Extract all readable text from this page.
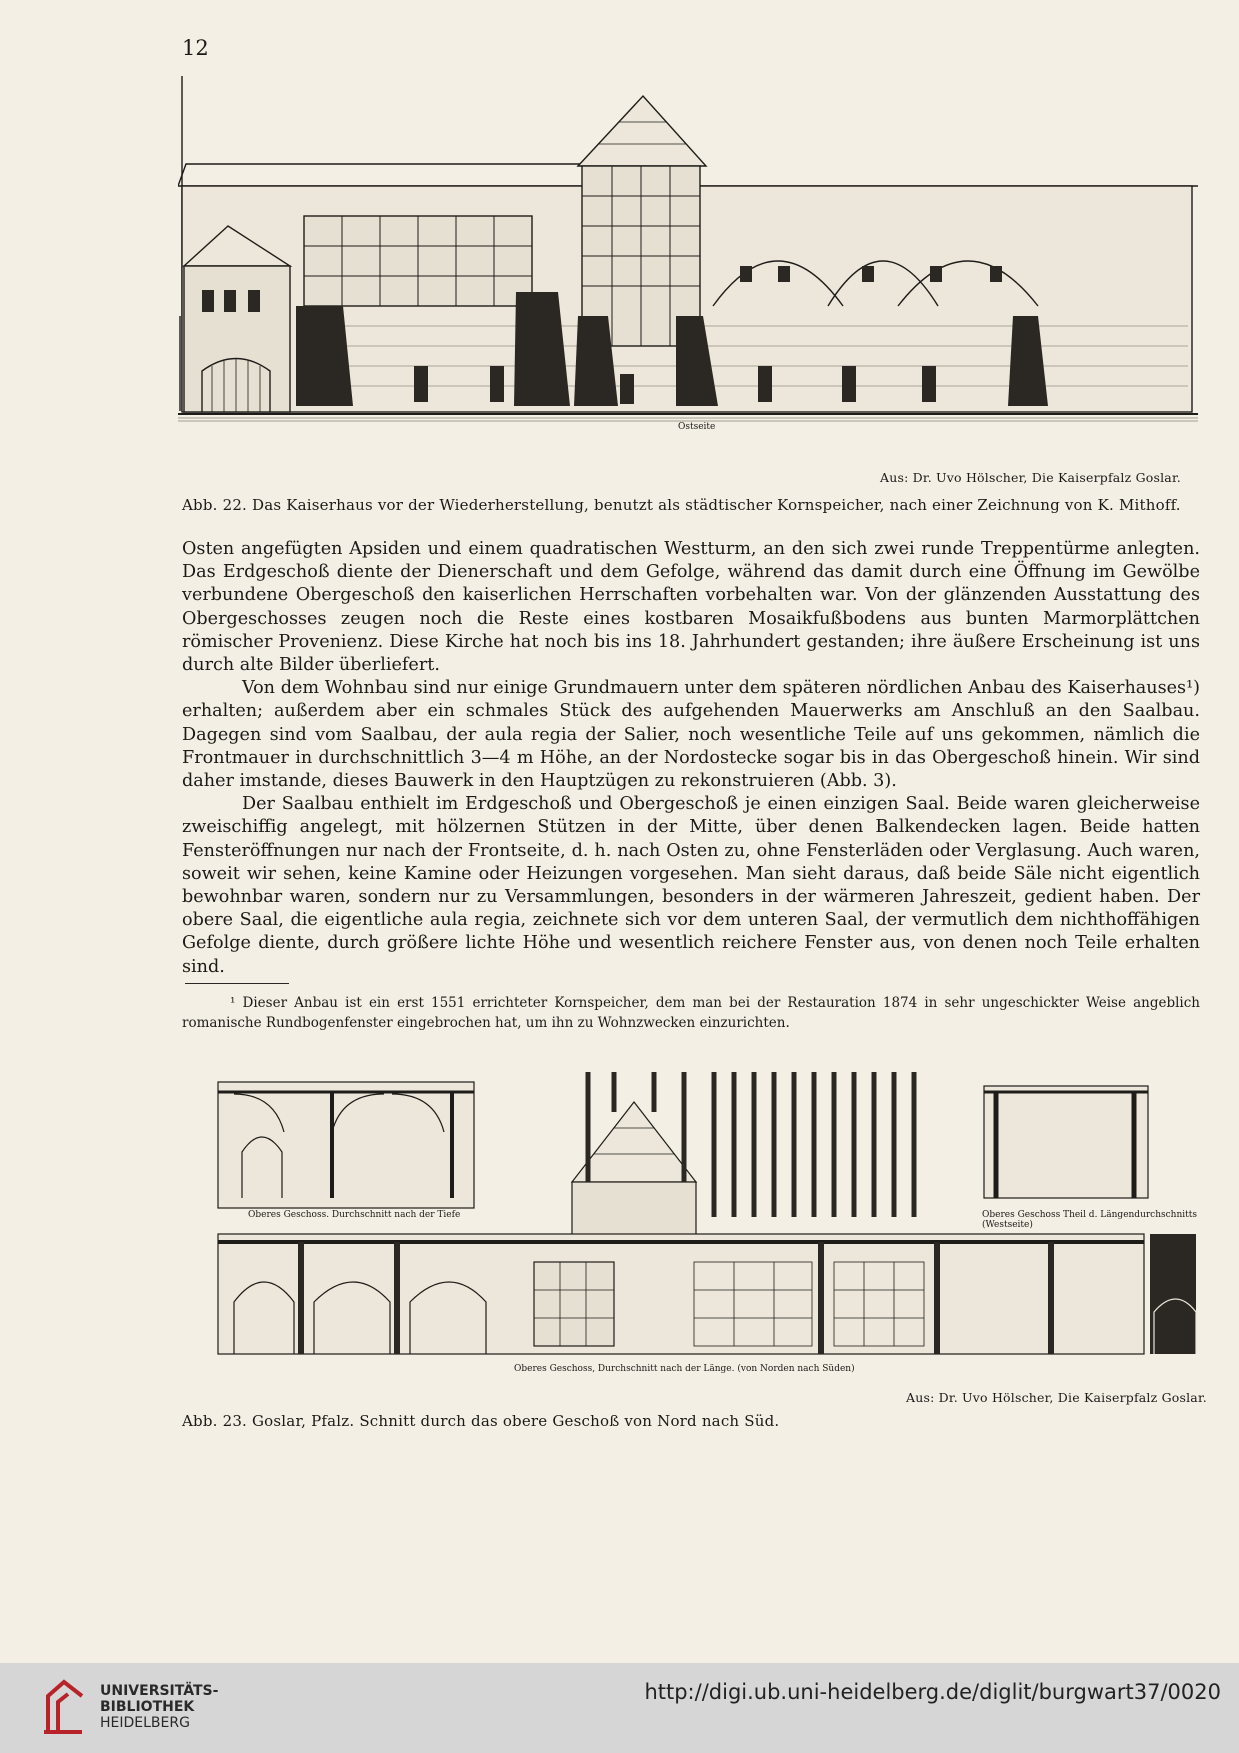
12
Ostseite
Aus: Dr. Uvo Hölscher, Die Kaiserpfalz Goslar.
Abb. 22. Das Kaiserhaus vor der Wiederherstellung, benutzt als städtischer Kornspeicher, nach einer Zeichnung von K. Mithoff.

Osten angefügten Apsiden und einem quadratischen Westturm, an den sich zwei runde Treppentürme anlegten. Das Erdgeschoß diente der Dienerschaft und dem Gefolge, während das damit durch eine Öffnung im Gewölbe verbundene Obergeschoß den kaiserlichen Herrschaften vorbehalten war. Von der glänzenden Ausstattung des Obergeschosses zeugen noch die Reste eines kostbaren Mosaikfußbodens aus bunten Marmorplättchen römischer Provenienz. Diese Kirche hat noch bis ins 18. Jahrhundert gestanden; ihre äußere Erscheinung ist uns durch alte Bilder überliefert.

Von dem Wohnbau sind nur einige Grundmauern unter dem späteren nördlichen Anbau des Kaiserhauses¹) erhalten; außerdem aber ein schmales Stück des aufgehenden Mauerwerks am Anschluß an den Saalbau. Dagegen sind vom Saalbau, der aula regia der Salier, noch wesentliche Teile auf uns gekommen, nämlich die Frontmauer in durchschnittlich 3—4 m Höhe, an der Nordostecke sogar bis in das Obergeschoß hinein. Wir sind daher imstande, dieses Bauwerk in den Hauptzügen zu rekonstruieren (Abb. 3).

Der Saalbau enthielt im Erdgeschoß und Obergeschoß je einen einzigen Saal. Beide waren gleicherweise zweischiffig angelegt, mit hölzernen Stützen in der Mitte, über denen Balkendecken lagen. Beide hatten Fensteröffnungen nur nach der Frontseite, d. h. nach Osten zu, ohne Fensterläden oder Verglasung. Auch waren, soweit wir sehen, keine Kamine oder Heizungen vorgesehen. Man sieht daraus, daß beide Säle nicht eigentlich bewohnbar waren, sondern nur zu Versammlungen, besonders in der wärmeren Jahreszeit, gedient haben. Der obere Saal, die eigentliche aula regia, zeichnete sich vor dem unteren Saal, der vermutlich dem nichthoffähigen Gefolge diente, durch größere lichte Höhe und wesentlich reichere Fenster aus, von denen noch Teile erhalten sind.

¹ Dieser Anbau ist ein erst 1551 errichteter Kornspeicher, dem man bei der Restauration 1874 in sehr ungeschickter Weise angeblich romanische Rundbogenfenster eingebrochen hat, um ihn zu Wohnzwecken einzurichten.
Oberes Geschoss. Durchschnitt nach der Tiefe	Oberes Geschoss Theil d. Längendurchschnitts (Westseite)
Oberes Geschoss, Durchschnitt nach der Länge. (von Norden nach Süden)
Aus: Dr. Uvo Hölscher, Die Kaiserpfalz Goslar.
Abb. 23. Goslar, Pfalz. Schnitt durch das obere Geschoß von Nord nach Süd.
UNIVERSITÄTS-
BIBLIOTHEK
HEIDELBERG
http://digi.ub.uni-heidelberg.de/diglit/burgwart37/0020
